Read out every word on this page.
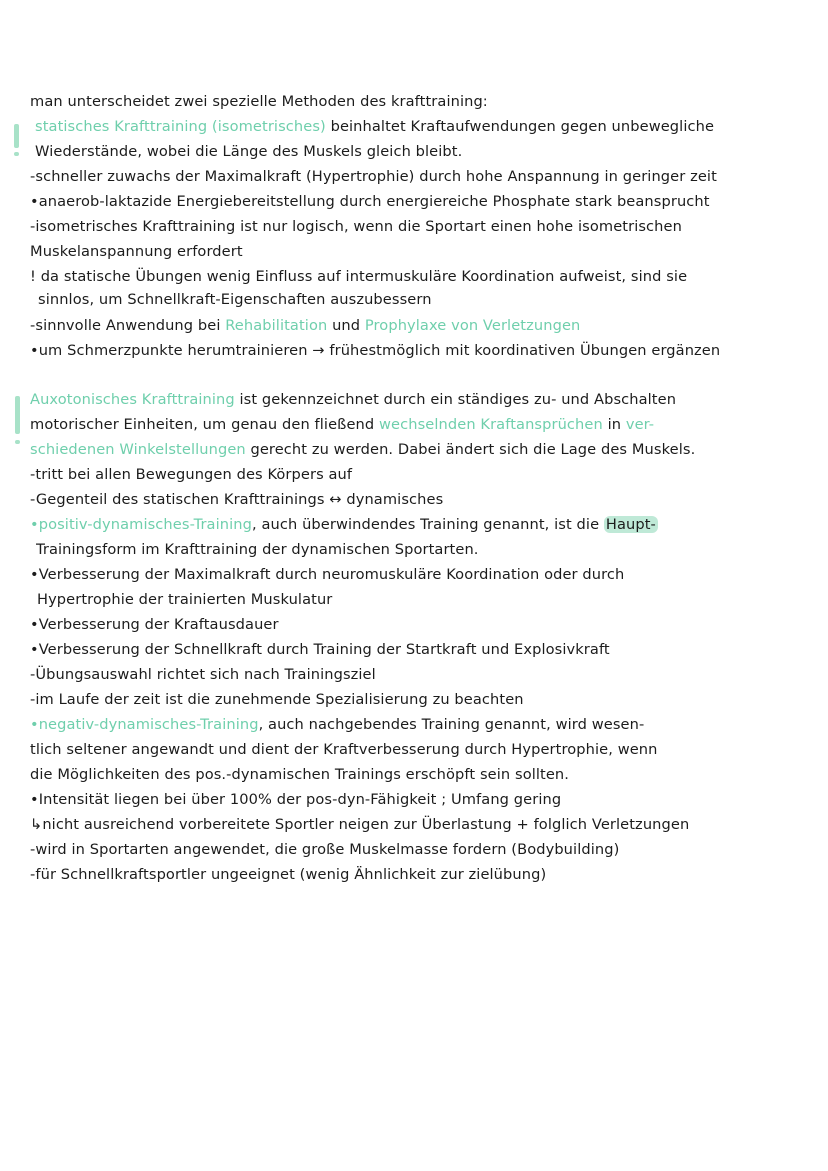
man unterscheidet zwei spezielle Methoden des krafttraining:
statisches Krafttraining (isometrisches) beinhaltet Kraftaufwendungen gegen unbewegliche
Wiederstände, wobei die Länge des Muskels gleich bleibt.
-schneller zuwachs der Maximalkraft (Hypertrophie) durch hohe Anspannung in geringer zeit
•anaerob-laktazide Energiebereitstellung durch energiereiche Phosphate stark beansprucht
-isometrisches Krafttraining ist nur logisch, wenn die Sportart einen hohe isometrischen
Muskelanspannung erfordert
! da statische Übungen wenig Einfluss auf intermuskuläre Koordination aufweist, sind sie
sinnlos, um Schnellkraft-Eigenschaften auszubessern
-sinnvolle Anwendung bei Rehabilitation und Prophylaxe von Verletzungen
•um Schmerzpunkte herumtrainieren → frühestmöglich mit koordinativen Übungen ergänzen
Auxotonisches Krafttraining ist gekennzeichnet durch ein ständiges zu- und Abschalten
motorischer Einheiten, um genau den fließend wechselnden Kraftansprüchen in ver-
schiedenen Winkelstellungen gerecht zu werden. Dabei ändert sich die Lage des Muskels.
-tritt bei allen Bewegungen des Körpers auf
-Gegenteil des statischen Krafttrainings ↔ dynamisches
•positiv-dynamisches-Training, auch überwindendes Training genannt, ist die Haupt-
Trainingsform im Krafttraining der dynamischen Sportarten.
•Verbesserung der Maximalkraft durch neuromuskuläre Koordination oder durch
Hypertrophie der trainierten Muskulatur
•Verbesserung der Kraftausdauer
•Verbesserung der Schnellkraft durch Training der Startkraft und Explosivkraft
-Übungsauswahl richtet sich nach Trainingsziel
-im Laufe der zeit ist die zunehmende Spezialisierung zu beachten
•negativ-dynamisches-Training, auch nachgebendes Training genannt, wird wesen-
tlich seltener angewandt und dient der Kraftverbesserung durch Hypertrophie, wenn
die Möglichkeiten des pos.-dynamischen Trainings erschöpft sein sollten.
•Intensität liegen bei über 100% der pos-dyn-Fähigkeit ; Umfang gering
↳nicht ausreichend vorbereitete Sportler neigen zur Überlastung + folglich Verletzungen
-wird in Sportarten angewendet, die große Muskelmasse fordern (Bodybuilding)
-für Schnellkraftsportler ungeeignet (wenig Ähnlichkeit zur zielübung)
